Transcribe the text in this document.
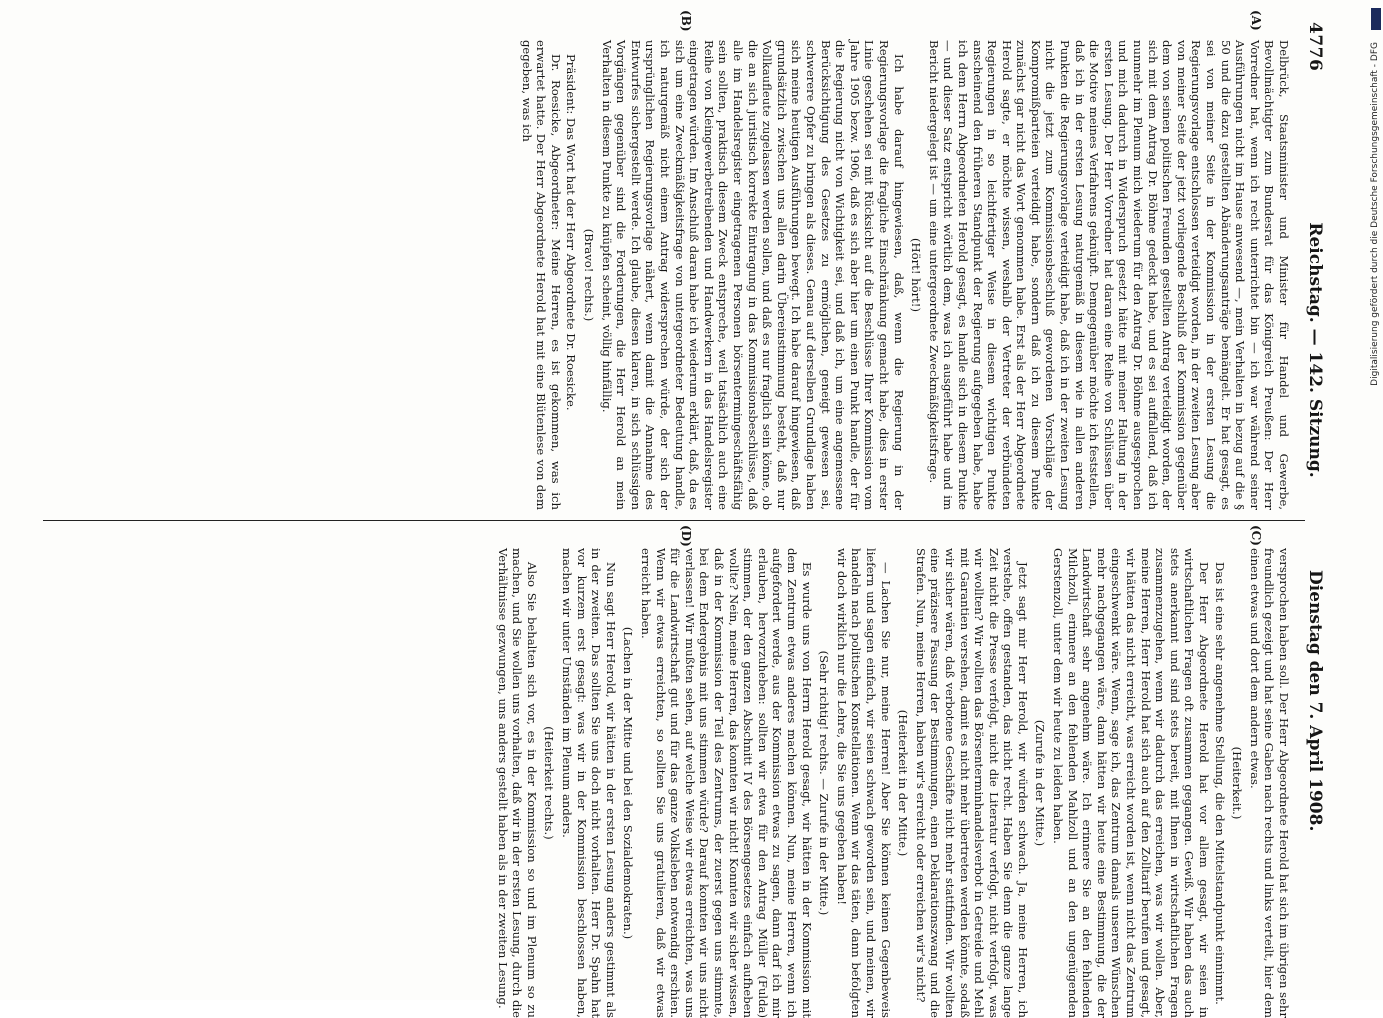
4776
Reichstag. — 142. Sitzung.
Dienstag den 7. April 1908.
(A)
(B)
(C)
(D)

Delbrück, Staatsminister und Minister für Handel und Gewerbe, Bevollmächtigter zum Bundesrat für das Königreich Preußen: Der Herr Vorredner hat, wenn ich recht unterrichtet bin — ich war während seiner Ausführungen nicht im Hause anwesend —, mein Verhalten in bezug auf die § 50 und die dazu gestellten Abänderungsanträge bemängelt. Er hat gesagt, es sei von meiner Seite in der Kommission in der ersten Lesung die Regierungsvorlage entschlossen verteidigt worden, in der zweiten Lesung aber von meiner Seite der jetzt vorliegende Beschluß der Kommission gegenüber dem von seinen politischen Freunden gestellten Antrag verteidigt worden, der sich mit dem Antrag Dr. Böhme gedeckt habe, und es sei auffallend, daß ich nunmehr im Plenum mich wiederum für den Antrag Dr. Böhme ausgesprochen und mich dadurch in Widerspruch gesetzt hätte mit meiner Haltung in der ersten Lesung. Der Herr Vorredner hat daran eine Reihe von Schlüssen über die Motive meines Verfahrens geknüpft. Demgegenüber möchte ich feststellen, daß ich in der ersten Lesung naturgemäß in diesem wie in allen anderen Punkten die Regierungsvorlage verteidigt habe, daß ich in der zweiten Lesung nicht die jetzt zum Kommissionsbeschluß gewordenen Vorschläge der Kompromißparteien verteidigt habe, sondern daß ich zu diesem Punkte zunächst gar nicht das Wort genommen habe. Erst als der Herr Abgeordnete Herold sagte, er möchte wissen, weshalb der Vertreter der verbündeten Regierungen in so leichtfertiger Weise in diesem wichtigen Punkte anscheinend den früheren Standpunkt der Regierung aufgegeben habe, habe ich dem Herrn Abgeordneten Herold gesagt, es handle sich in diesem Punkte — und dieser Satz entspricht wörtlich dem, was ich ausgeführt habe und im Bericht niedergelegt ist — um eine untergeordnete Zweckmäßigkeitsfrage.

(Hört! hört!)

Ich habe darauf hingewiesen, daß, wenn die Regierung in der Regierungsvorlage die fragliche Einschränkung gemacht habe, dies in erster Linie geschehen sei mit Rücksicht auf die Beschlüsse Ihrer Kommission vom Jahre 1905 bezw. 1906, daß es sich aber hier um einen Punkt handle, der für die Regierung nicht von Wichtigkeit sei, und daß ich, um eine angemessene Berücksichtigung des Gesetzes zu ermöglichen, geneigt gewesen sei, schwerere Opfer zu bringen als dieses. Genau auf derselben Grundlage haben sich meine heutigen Ausführungen bewegt. Ich habe darauf hingewiesen, daß grundsätzlich zwischen uns allen darin Übereinstimmung besteht, daß nur Vollkaufleute zugelassen werden sollen, und daß es nur fraglich sein könne, ob die an sich juristisch korrekte Eintragung in das Kommissionsbeschlüsse, daß alle im Handelsregister eingetragenen Personen börsentermingeschäftsfähig sein sollten, praktisch diesem Zweck entspreche, weil tatsächlich auch eine Reihe von Kleingewerbetreibenden und Handwerkern in das Handelsregister eingetragen würden. Im Anschluß daran habe ich wiederum erklärt, daß, da es sich um eine Zweckmäßigkeitsfrage von untergeordneter Bedeutung handle, ich naturgemäß nicht einem Antrag widersprechen würde, der sich der ursprünglichen Regierungsvorlage nähert, wenn damit die Annahme des Entwurfes sichergestellt werde. Ich glaube, diesen klaren, in sich schlüssigen Vorgängen gegenüber sind die Forderungen, die Herr Herold an mein Verhalten in diesem Punkte zu knüpfen scheint, völlig hinfällig.

(Bravo! rechts.)

Präsident: Das Wort hat der Herr Abgeordnete Dr. Roesicke.

Dr. Roesicke, Abgeordneter: Meine Herren, es ist gekommen, was ich erwartet hatte. Der Herr Abgeordnete Herold hat mit eine Blütenlese von dem gegeben, was ich

versprochen haben soll. Der Herr Abgeordnete Herold hat sich im übrigen sehr freundlich gezeigt und hat seine Gaben nach rechts und links verteilt, hier dem einen etwas und dort dem andern etwas.

(Heiterkeit.)

Das ist eine sehr angenehme Stellung, die den Mittelstandpunkt einnimmt.

Der Herr Abgeordnete Herold hat vor allem gesagt, wir seien in wirtschaftlichen Fragen oft zusammen gegangen. Gewiß. Wir haben das auch stets anerkannt und sind stets bereit, mit Ihnen in wirtschaftlichen Fragen zusammenzugehen, wenn wir dadurch das erreichen, was wir wollen. Aber, meine Herren, Herr Herold hat sich auch auf den Zolltarif berufen und gesagt, wir hätten das nicht erreicht, was erreicht worden ist, wenn nicht das Zentrum eingeschwenkt wäre. Wenn, sage ich, das Zentrum damals unseren Wünschen mehr nachgegangen wäre, dann hätten wir heute eine Bestimmung, die der Landwirtschaft sehr angenehm wäre. Ich erinnere Sie an den fehlenden Milchzoll, erinnere an den fehlenden Mahlzoll und an den ungenügenden Gerstenzoll, unter dem wir heute zu leiden haben.

(Zurufe in der Mitte.)

Jetzt sagt mir Herr Herold, wir würden schwach. Ja, meine Herren, ich verstehe, offen gestanden, das nicht recht. Haben Sie denn die ganze lange Zeit nicht die Presse verfolgt, nicht die Literatur verfolgt, nicht verfolgt, was wir wollten? Wir wollten das Börsenterminhandelsverbot in Getreide und Mehl mit Garantien versehen, damit es nicht mehr übertreten werden könnte, sodaß wir sicher wären, daß verbotene Geschäfte nicht mehr stattfinden. Wir wollten eine präzisere Fassung der Bestimmungen, einen Deklarationszwang und die Strafen. Nun, meine Herren, haben wir's erreicht oder erreichen wir's nicht?

(Heiterkeit in der Mitte.)

— Lachen Sie nur, meine Herren! Aber Sie können keinen Gegenbeweis liefern und sagen einfach, wir seien schwach geworden sein, und meinen, wir handeln nach politischen Konstellationen. Wenn wir das täten, dann befolgten wir doch wirklich nur die Lehre, die Sie uns gegeben haben!

(Sehr richtig! rechts. — Zurufe in der Mitte.)

Es wurde uns von Herrn Herold gesagt, wir hätten in der Kommission mit dem Zentrum etwas anderes machen können. Nun, meine Herren, wenn ich aufgefordert werde, aus der Kommission etwas zu sagen, dann darf ich mir erlauben, hervorzuheben: sollten wir etwa für den Antrag Müller (Fulda) stimmen, der den ganzen Abschnitt IV des Börsengesetzes einfach aufheben wollte? Nein, meine Herren, das konnten wir nicht! Konnten wir sicher wissen, daß in der Kommission der Teil des Zentrums, der zuerst gegen uns stimmte, bei dem Endergebnis mit uns stimmen würde? Darauf konnten wir uns nicht verlassen! Wir mußten sehen, auf welche Weise wir etwas erreichten, was uns für die Landwirtschaft gut und für das ganze Volksleben notwendig erschien. Wenn wir etwas erreichten, so sollten Sie uns gratulieren, daß wir etwas erreicht haben.

(Lachen in der Mitte und bei den Sozialdemokraten.)

Nun sagt Herr Herold, wir hätten in der ersten Lesung anders gestimmt als in der zweiten. Das sollten Sie uns doch nicht vorhalten. Herr Dr. Spahn hat vor kurzem erst gesagt: was wir in der Kommission beschlossen haben, machen wir unter Umständen im Plenum anders.

(Heiterkeit rechts.)

Also Sie behalten sich vor, es in der Kommission so und im Plenum so zu machen, und Sie wollen uns vorhalten, daß wir in der ersten Lesung, durch die Verhältnisse gezwungen, uns anders gestellt haben als in der zweiten Lesung.

Digitalisierung gefördert durch die Deutsche Forschungsgemeinschaft - DFG
